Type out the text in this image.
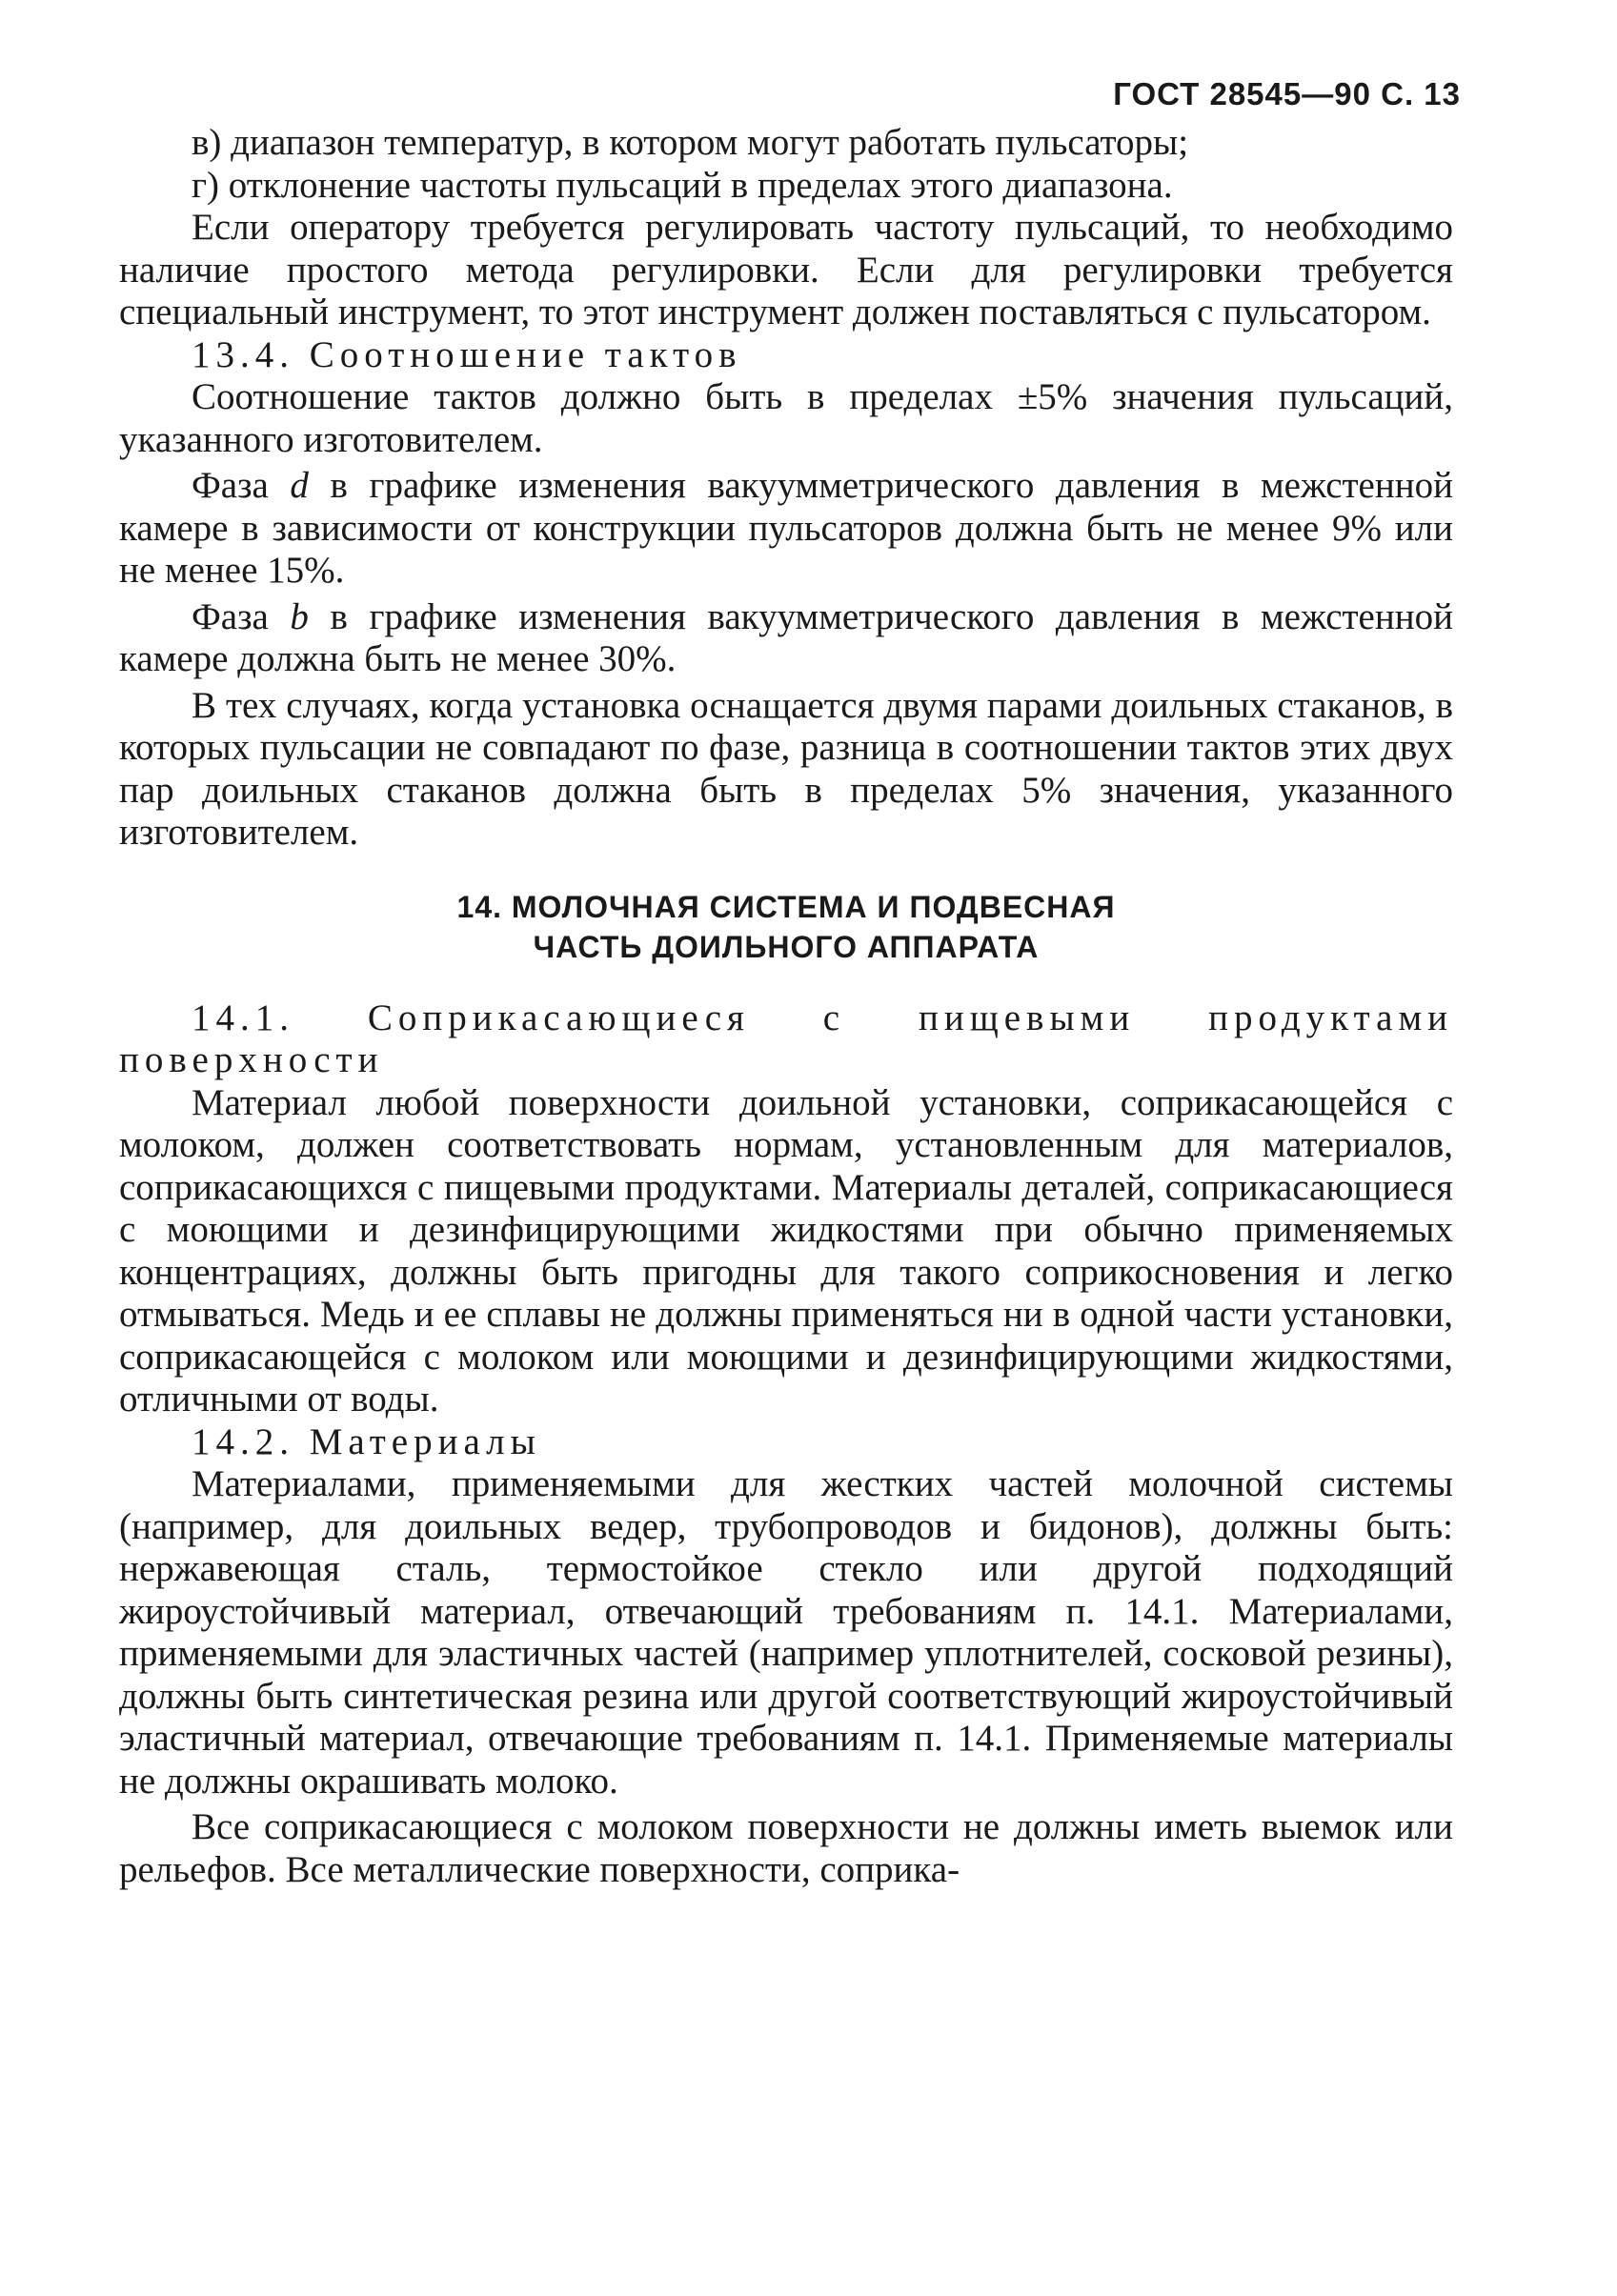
ГОСТ 28545—90 С. 13

в) диапазон температур, в котором могут работать пульсаторы;

г) отклонение частоты пульсаций в пределах этого диапазона.

Если оператору требуется регулировать частоту пульсаций, то необходимо наличие простого метода регулировки. Если для регулировки требуется специальный инструмент, то этот инструмент должен поставляться с пульсатором.

13.4. Соотношение тактов

Соотношение тактов должно быть в пределах ±5% значения пульсаций, указанного изготовителем.

Фаза d в графике изменения вакуумметрического давления в межстенной камере в зависимости от конструкции пульсаторов должна быть не менее 9% или не менее 15%.

Фаза b в графике изменения вакуумметрического давления в межстенной камере должна быть не менее 30%.

В тех случаях, когда установка оснащается двумя парами доильных стаканов, в которых пульсации не совпадают по фазе, разница в соотношении тактов этих двух пар доильных стаканов должна быть в пределах 5% значения, указанного изготовителем.

14. МОЛОЧНАЯ СИСТЕМА И ПОДВЕСНАЯ
ЧАСТЬ ДОИЛЬНОГО АППАРАТА

14.1. Соприкасающиеся с пищевыми продуктами поверхности

Материал любой поверхности доильной установки, соприкасающейся с молоком, должен соответствовать нормам, установленным для материалов, соприкасающихся с пищевыми продуктами. Материалы деталей, соприкасающиеся с моющими и дезинфицирующими жидкостями при обычно применяемых концентрациях, должны быть пригодны для такого соприкосновения и легко отмываться. Медь и ее сплавы не должны применяться ни в одной части установки, соприкасающейся с молоком или моющими и дезинфицирующими жидкостями, отличными от воды.

14.2. Материалы

Материалами, применяемыми для жестких частей молочной системы (например, для доильных ведер, трубопроводов и бидонов), должны быть: нержавеющая сталь, термостойкое стекло или другой подходящий жироустойчивый материал, отвечающий требованиям п. 14.1. Материалами, применяемыми для эластичных частей (например уплотнителей, сосковой резины), должны быть синтетическая резина или другой соответствующий жироустойчивый эластичный материал, отвечающие требованиям п. 14.1. Применяемые материалы не должны окрашивать молоко.

Все соприкасающиеся с молоком поверхности не должны иметь выемок или рельефов. Все металлические поверхности, соприка-
